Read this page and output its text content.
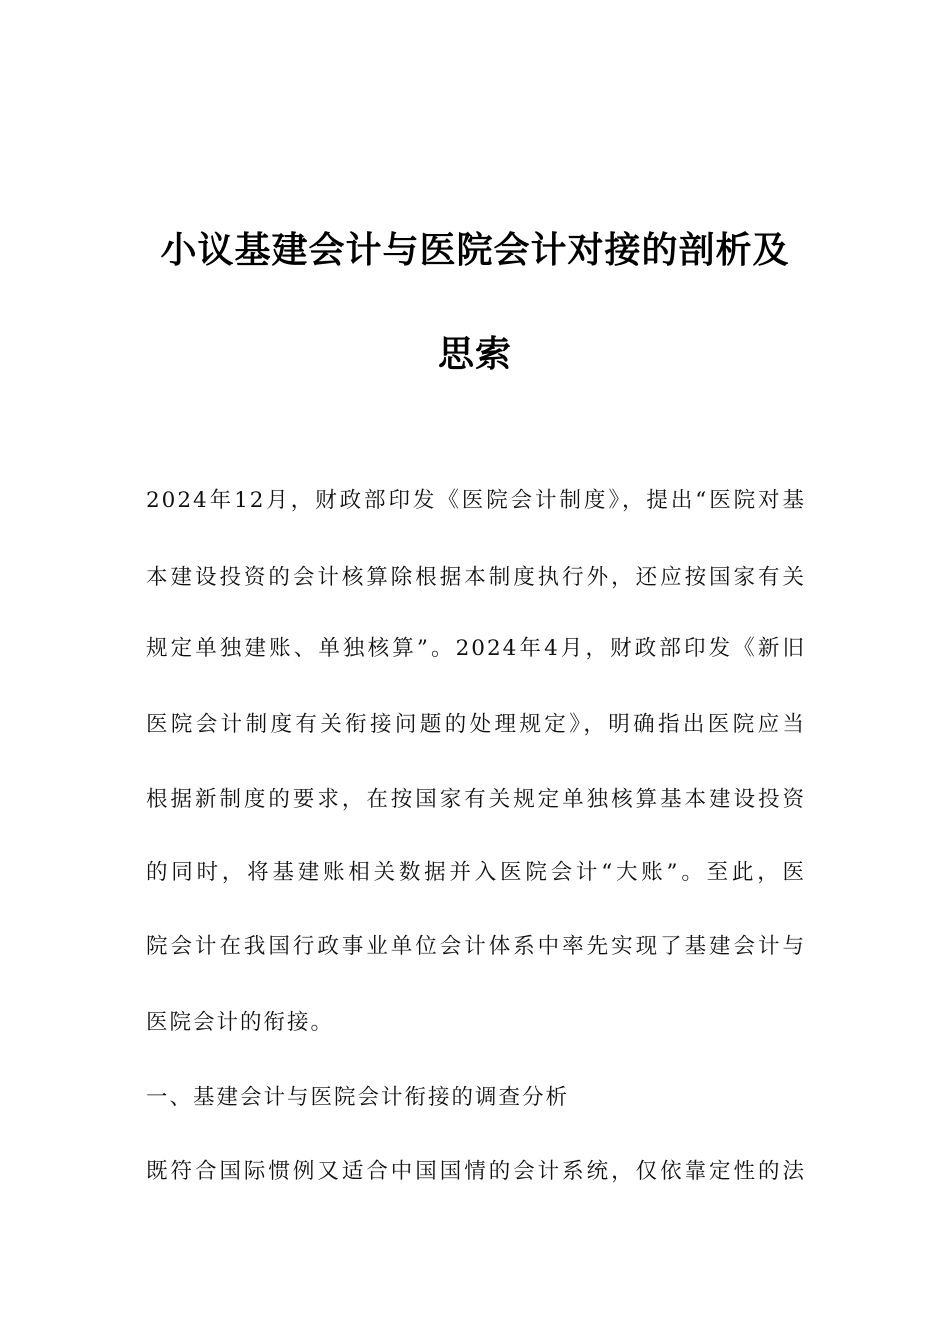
小议基建会计与医院会计对接的剖析及
思索
2024年12月，财政部印发《医院会计制度》，提出“医院对基
本建设投资的会计核算除根据本制度执行外，还应按国家有关
规定单独建账、单独核算”。2024年4月，财政部印发《新旧
医院会计制度有关衔接问题的处理规定》，明确指出医院应当
根据新制度的要求，在按国家有关规定单独核算基本建设投资
的同时，将基建账相关数据并入医院会计“大账”。至此，医
院会计在我国行政事业单位会计体系中率先实现了基建会计与
医院会计的衔接。
一、基建会计与医院会计衔接的调查分析
既符合国际惯例又适合中国国情的会计系统，仅依靠定性的法
